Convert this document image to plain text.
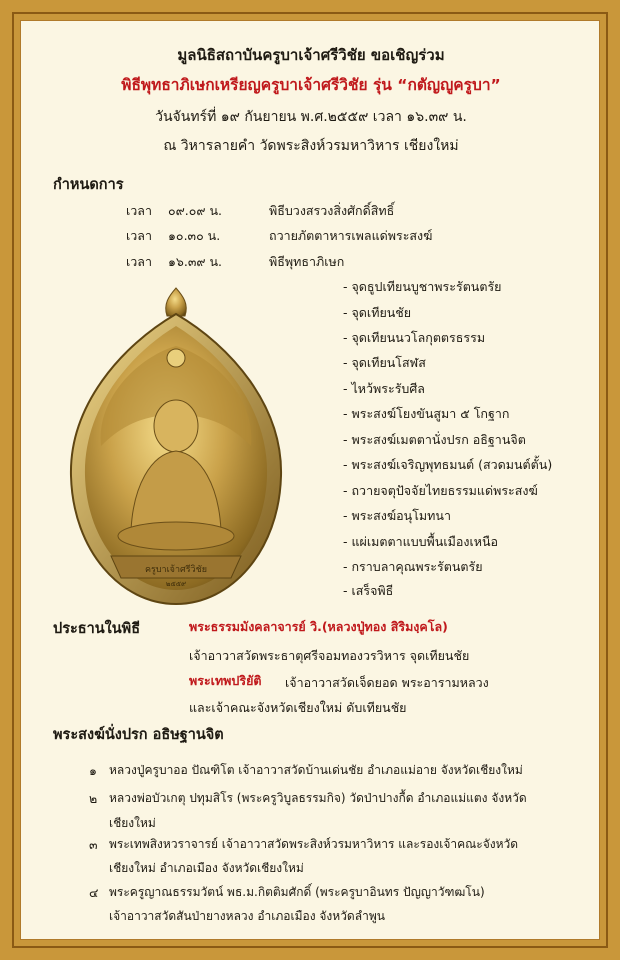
มูลนิธิสถาบันครูบาเจ้าศรีวิชัย ขอเชิญร่วม
พิธีพุทธาภิเษกเหรียญครูบาเจ้าศรีวิชัย รุ่น “กตัญญูครูบา”
วันจันทร์ที่ ๑๙ กันยายน พ.ศ.๒๕๕๙ เวลา ๑๖.๓๙ น.
ณ วิหารลายคำ วัดพระสิงห์วรมหาวิหาร เชียงใหม่
กำหนดการ
เวลา ๐๙.๐๙ น.	พิธีบวงสรวงสิ่งศักดิ์สิทธิ์
เวลา ๑๐.๓๐ น.	ถวายภัตตาหารเพลแด่พระสงฆ์
เวลา ๑๖.๓๙ น.	พิธีพุทธาภิเษก
- จุดธูปเทียนบูชาพระรัตนตรัย
- จุดเทียนชัย
- จุดเทียนนวโลกุตตรธรรม
- จุดเทียนโสฬส
- ไหว้พระรับศีล
- พระสงฆ์โยงขันสูมา ๕ โกฐาก
- พระสงฆ์เมตตานั่งปรก อธิฐานจิต
- พระสงฆ์เจริญพุทธมนต์ (สวดมนต์ตั้น)
- ถวายจตุปัจจัยไทยธรรมแด่พระสงฆ์
- พระสงฆ์อนุโมทนา
- แผ่เมตตาแบบพื้นเมืองเหนือ
- กราบลาคุณพระรัตนตรัย
- เสร็จพิธี
ครูบาเจ้าศรีวิชัย
๒๕๕๙
ประธานในพิธี	พระธรรมมังคลาจารย์ วิ.(หลวงปู่ทอง สิริมงฺคโล)
เจ้าอาวาสวัดพระธาตุศรีจอมทองวรวิหาร จุดเทียนชัย
พระเทพปริยัติ เจ้าอาวาสวัดเจ็ดยอด พระอารามหลวง
และเจ้าคณะจังหวัดเชียงใหม่ ดับเทียนชัย
พระสงฆ์นั่งปรก อธิษฐานจิต
๑ หลวงปู่ครูบาออ ปัณฑิโต เจ้าอาวาสวัดบ้านเด่นชัย อำเภอแม่อาย จังหวัดเชียงใหม่
๒ หลวงพ่อบัวเกตุ ปทุมสิโร (พระครูวิบูลธรรมกิจ) วัดป่าปางกื้ด อำเภอแม่แตง จังหวัด
เชียงใหม่
๓ พระเทพสิงหวราจารย์ เจ้าอาวาสวัดพระสิงห์วรมหาวิหาร และรองเจ้าคณะจังหวัด
เชียงใหม่ อำเภอเมือง จังหวัดเชียงใหม่
๔ พระครูญาณธรรมวัตน์ พธ.ม.กิตติมศักดิ์ (พระครูบาอินทร ปัญญาวัฑฒโน)
เจ้าอาวาสวัดสันป่ายางหลวง อำเภอเมือง จังหวัดลำพูน
